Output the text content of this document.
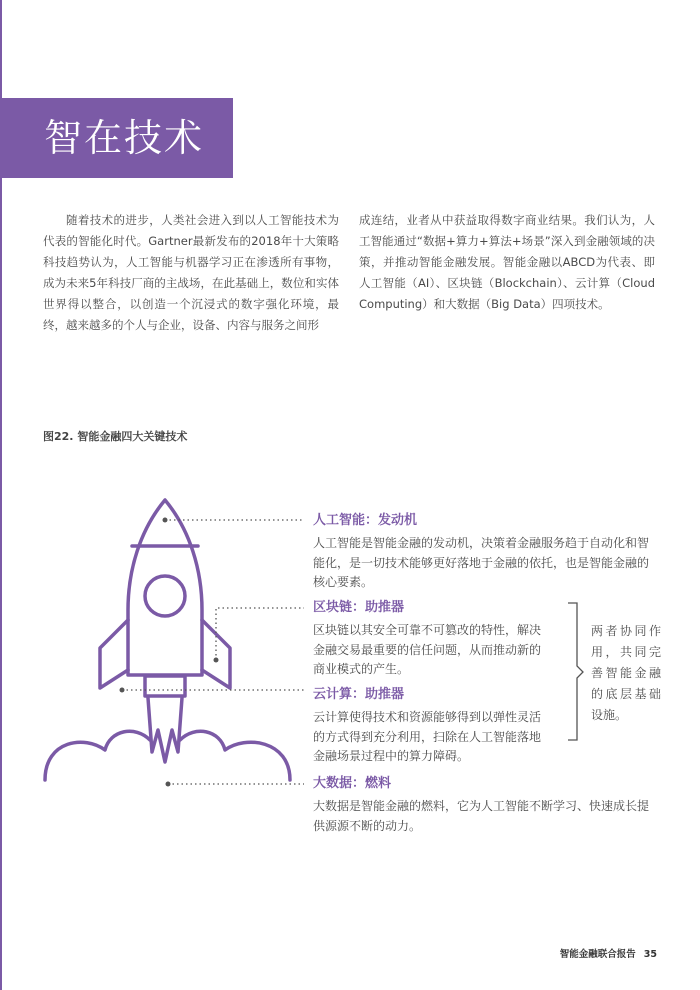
智在技术

随着技术的进步，人类社会进入到以人工智能技术为代表的智能化时代。Gartner最新发布的2018年十大策略科技趋势认为，人工智能与机器学习正在渗透所有事物，成为未来5年科技厂商的主战场，在此基础上，数位和实体世界得以整合，以创造一个沉浸式的数字强化环境，最终，越来越多的个人与企业，设备、内容与服务之间形

成连结，业者从中获益取得数字商业结果。我们认为，人工智能通过“数据+算力+算法+场景”深入到金融领域的决策，并推动智能金融发展。智能金融以ABCD为代表、即人工智能（AI）、区块链（Blockchain）、云计算（Cloud Computing）和大数据（Big Data）四项技术。

图22. 智能金融四大关键技术
人工智能：发动机
人工智能是智能金融的发动机，决策着金融服务趋于自动化和智能化，是一切技术能够更好落地于金融的依托，也是智能金融的核心要素。
区块链：助推器
区块链以其安全可靠不可篡改的特性，解决金融交易最重要的信任问题，从而推动新的商业模式的产生。
云计算：助推器
云计算使得技术和资源能够得到以弹性灵活的方式得到充分利用，扫除在人工智能落地金融场景过程中的算力障碍。
大数据：燃料
大数据是智能金融的燃料，它为人工智能不断学习、快速成长提供源源不断的动力。
两者协同作用，共同完善智能金融的底层基础设施。
智能金融联合报告 35
